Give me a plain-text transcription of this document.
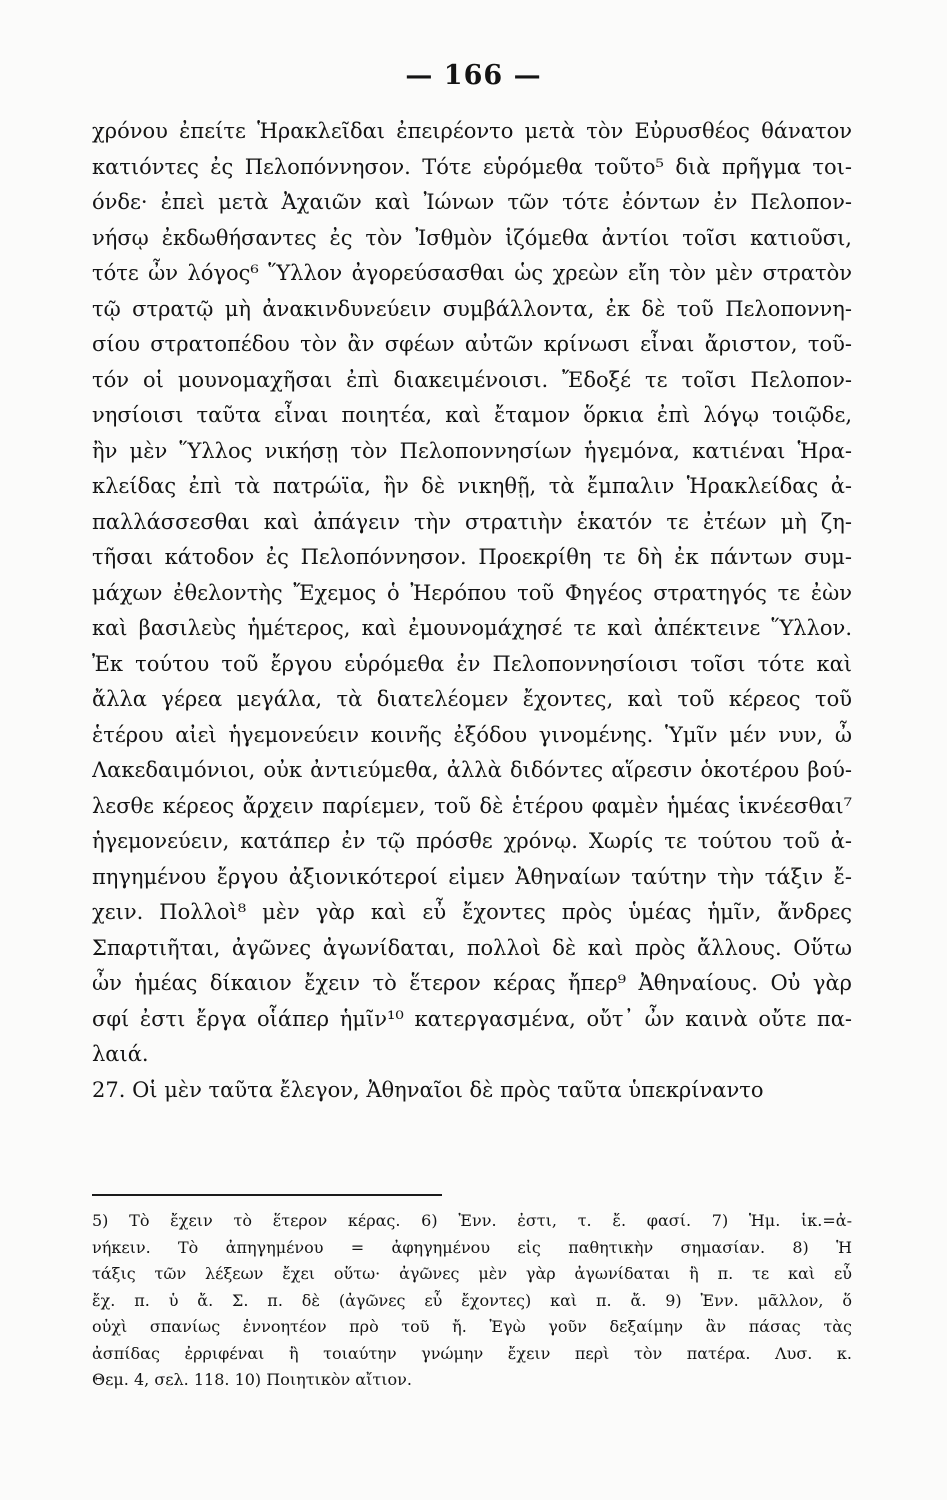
— 166 —
χρόνου ἐπείτε Ἡρακλεῖδαι ἐπειρέοντο μετὰ τὸν Εὐρυσθέος θάνατον
κατιόντες ἐς Πελοπόννησον. Τότε εὑρόμεθα τοῦτο⁵ διὰ πρῆγμα τοι-
όνδε· ἐπεὶ μετὰ Ἀχαιῶν καὶ Ἰώνων τῶν τότε ἐόντων ἐν Πελοπον-
νήσῳ ἐκδωθήσαντες ἐς τὸν Ἰσθμὸν ἱζόμεθα ἀντίοι τοῖσι κατιοῦσι,
τότε ὦν λόγος⁶ Ὕλλον ἀγορεύσασθαι ὡς χρεὼν εἴη τὸν μὲν στρατὸν
τῷ στρατῷ μὴ ἀνακινδυνεύειν συμβάλλοντα, ἐκ δὲ τοῦ Πελοποννη-
σίου στρατοπέδου τὸν ἂν σφέων αὐτῶν κρίνωσι εἶναι ἄριστον, τοῦ-
τόν οἱ μουνομαχῆσαι ἐπὶ διακειμένοισι. Ἔδοξέ τε τοῖσι Πελοπον-
νησίοισι ταῦτα εἶναι ποιητέα, καὶ ἔταμον ὅρκια ἐπὶ λόγῳ τοιῷδε,
ἢν μὲν Ὕλλος νικήσῃ τὸν Πελοποννησίων ἡγεμόνα, κατιέναι Ἡρα-
κλείδας ἐπὶ τὰ πατρώϊα, ἢν δὲ νικηθῇ, τὰ ἔμπαλιν Ἡρακλείδας ἀ-
παλλάσσεσθαι καὶ ἀπάγειν τὴν στρατιὴν ἑκατόν τε ἐτέων μὴ ζη-
τῆσαι κάτοδον ἐς Πελοπόννησον. Προεκρίθη τε δὴ ἐκ πάντων συμ-
μάχων ἐθελοντὴς Ἔχεμος ὁ Ἠερόπου τοῦ Φηγέος στρατηγός τε ἐὼν
καὶ βασιλεὺς ἡμέτερος, καὶ ἐμουνομάχησέ τε καὶ ἀπέκτεινε Ὕλλον.
Ἐκ τούτου τοῦ ἔργου εὑρόμεθα ἐν Πελοποννησίοισι τοῖσι τότε καὶ
ἄλλα γέρεα μεγάλα, τὰ διατελέομεν ἔχοντες, καὶ τοῦ κέρεος τοῦ
ἑτέρου αἰεὶ ἡγεμονεύειν κοινῆς ἐξόδου γινομένης. Ὑμῖν μέν νυν, ὦ
Λακεδαιμόνιοι, οὐκ ἀντιεύμεθα, ἀλλὰ διδόντες αἵρεσιν ὁκοτέρου βού-
λεσθε κέρεος ἄρχειν παρίεμεν, τοῦ δὲ ἑτέρου φαμὲν ἡμέας ἱκνέεσθαι⁷
ἡγεμονεύειν, κατάπερ ἐν τῷ πρόσθε χρόνῳ. Χωρίς τε τούτου τοῦ ἀ-
πηγημένου ἔργου ἀξιονικότεροί εἰμεν Ἀθηναίων ταύτην τὴν τάξιν ἔ-
χειν. Πολλοὶ⁸ μὲν γὰρ καὶ εὖ ἔχοντες πρὸς ὑμέας ἡμῖν, ἄνδρες
Σπαρτιῆται, ἀγῶνες ἀγωνίδαται, πολλοὶ δὲ καὶ πρὸς ἄλλους. Οὕτω
ὦν ἡμέας δίκαιον ἔχειν τὸ ἕτερον κέρας ἤπερ⁹ Ἀθηναίους. Οὐ γὰρ
σφί ἐστι ἔργα οἷάπερ ἡμῖν¹⁰ κατεργασμένα, οὔτ᾽ ὦν καινὰ οὔτε πα-
λαιά.
27. Οἱ μὲν ταῦτα ἔλεγον, Ἀθηναῖοι δὲ πρὸς ταῦτα ὑπεκρίναντο
5) Τὸ ἔχειν τὸ ἕτερον κέρας. 6) Ἐνν. ἐστι, τ. ἔ. φασί. 7) Ἡμ. ἱκ.=ἀ-
νήκειν. Τὸ ἀπηγημένου = ἀφηγημένου εἰς παθητικὴν σημασίαν. 8) Ἡ
τάξις τῶν λέξεων ἔχει οὕτω· ἀγῶνες μὲν γὰρ ἀγωνίδαται ἢ π. τε καὶ εὖ
ἔχ. π. ὑ ἄ. Σ. π. δὲ (ἀγῶνες εὖ ἔχοντες) καὶ π. ἄ. 9) Ἐνν. μᾶλλον, ὅ
οὐχὶ σπανίως ἐννοητέον πρὸ τοῦ ἤ. Ἐγὼ γοῦν δεξαίμην ἂν πάσας τὰς
ἀσπίδας ἐρριφέναι ἢ τοιαύτην γνώμην ἔχειν περὶ τὸν πατέρα. Λυσ. κ.
Θεμ. 4, σελ. 118. 10) Ποιητικὸν αἴτιον.
